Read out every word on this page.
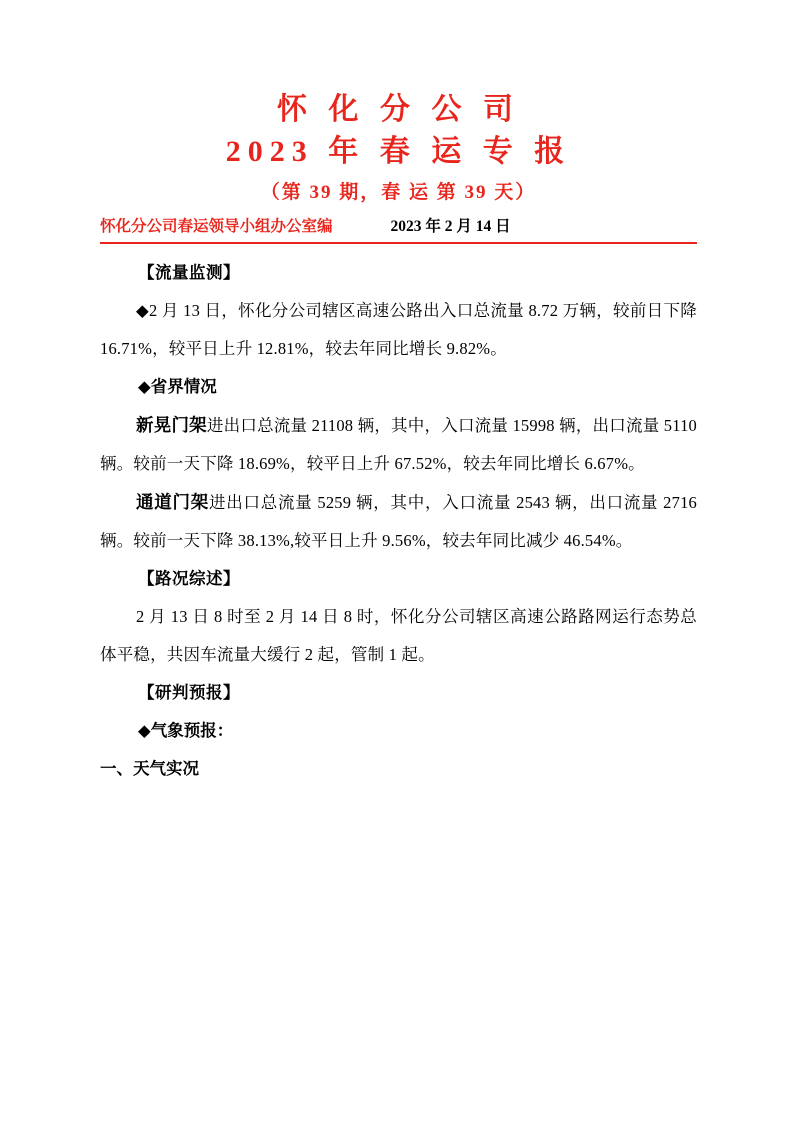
怀 化 分 公 司
2023 年 春 运 专 报
（第 39 期，春 运 第 39 天）
怀化分公司春运领导小组办公室编	2023 年 2 月 14 日
【流量监测】

◆2 月 13 日，怀化分公司辖区高速公路出入口总流量 8.72 万辆，较前日下降 16.71%，较平日上升 12.81%，较去年同比增长 9.82%。

◆省界情况

新晃门架进出口总流量 21108 辆，其中，入口流量 15998 辆，出口流量 5110 辆。较前一天下降 18.69%，较平日上升 67.52%，较去年同比增长 6.67%。

通道门架进出口总流量 5259 辆，其中，入口流量 2543 辆，出口流量 2716 辆。较前一天下降 38.13%,较平日上升 9.56%，较去年同比减少 46.54%。

【路况综述】

2 月 13 日 8 时至 2 月 14 日 8 时，怀化分公司辖区高速公路路网运行态势总体平稳，共因车流量大缓行 2 起，管制 1 起。

【研判预报】
◆气象预报：
一、天气实况
